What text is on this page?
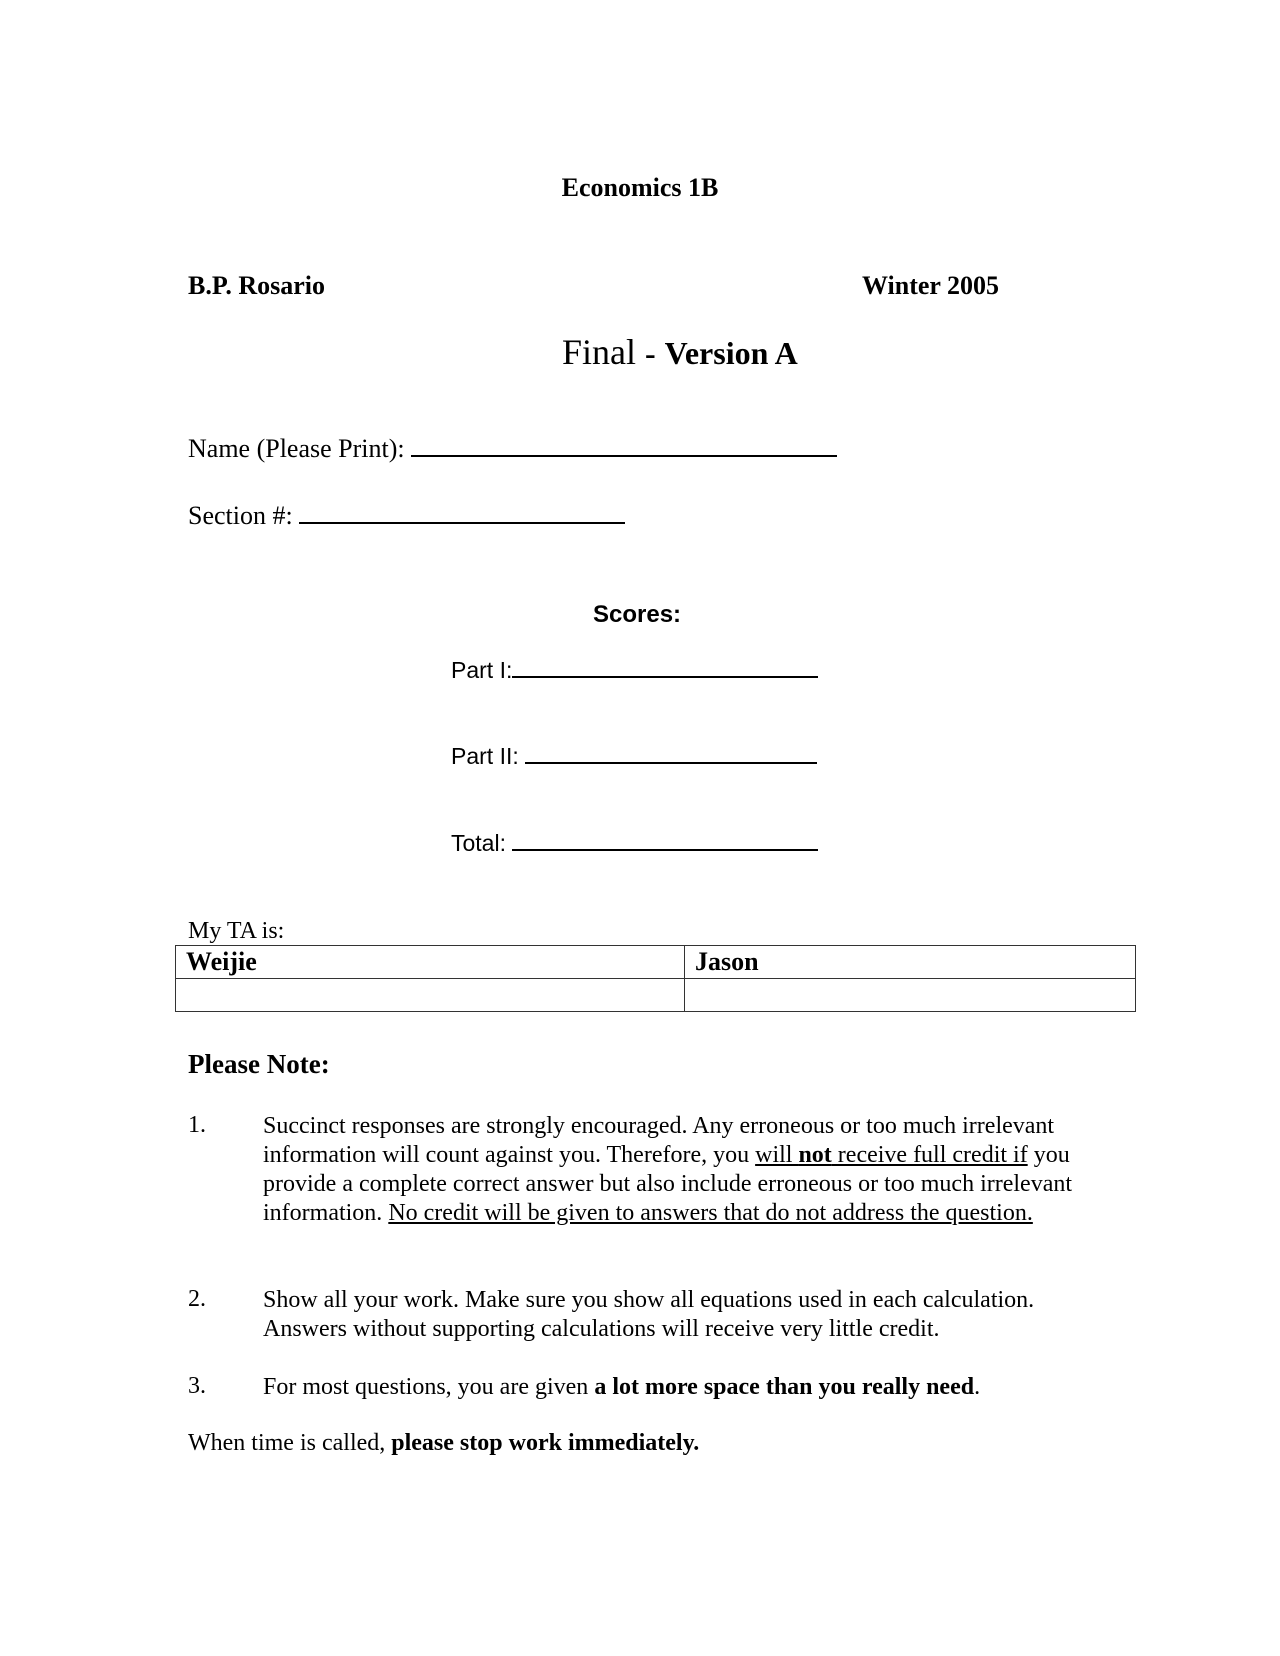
Economics 1B
B.P. Rosario	Winter 2005
Final - Version A
Name (Please Print):
Section #:
Scores:
Part I:
Part II:
Total:
My TA is:
Weijie	Jason

Please Note:
1. Succinct responses are strongly encouraged. Any erroneous or too much irrelevant information will count against you. Therefore, you will not receive full credit if you provide a complete correct answer but also include erroneous or too much irrelevant information. No credit will be given to answers that do not address the question.
2. Show all your work. Make sure you show all equations used in each calculation. Answers without supporting calculations will receive very little credit.
3. For most questions, you are given a lot more space than you really need.
When time is called, please stop work immediately.
